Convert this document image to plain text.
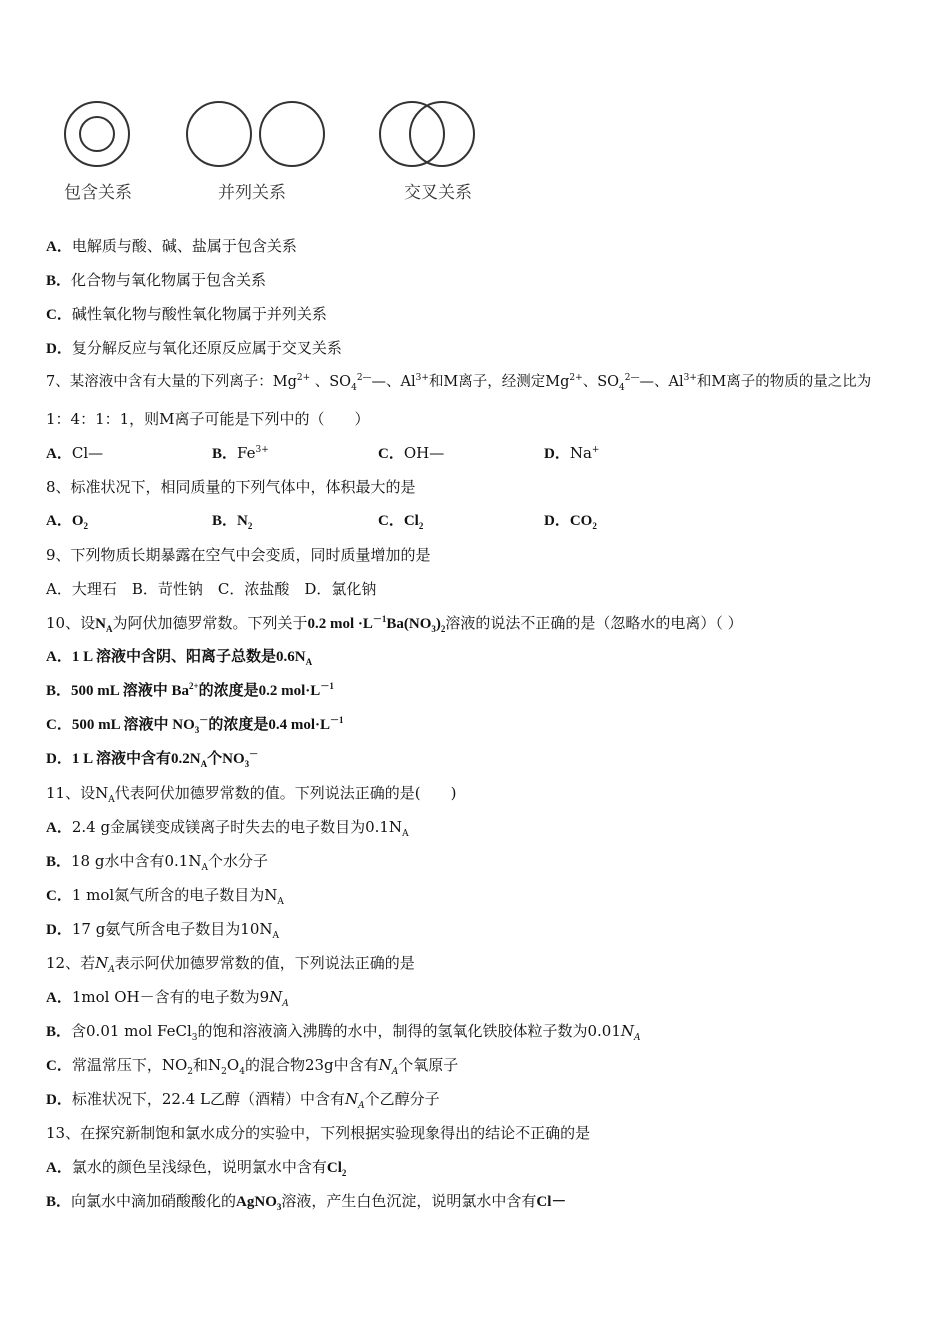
包含关系	并列关系	交叉关系
A．电解质与酸、碱、盐属于包含关系
B．化合物与氧化物属于包含关系
C．碱性氧化物与酸性氧化物属于并列关系
D．复分解反应与氧化还原反应属于交叉关系
7、某溶液中含有大量的下列离子：$Mg^{2+}$ 、$SO_4^{2—}—$、$Al^{3+}$和M离子，经测定$Mg^{2+}$、$SO_4^{2—}—$、$Al^{3+}$和M离子的物质的量之比为
1：4：1：1，则M离子可能是下列中的（　　）
A．Cl—	B．$Fe^{3+}$	C．OH—	D．Na+
8、标准状况下，相同质量的下列气体中，体积最大的是
A．$O_2$	B．$N_2$	C．$Cl_2$	D．$CO_2$
9、下列物质长期暴露在空气中会变质，同时质量增加的是
A．大理石　B．苛性钠　C．浓盐酸　D．氯化钠
10、设$N_A$为阿伏加德罗常数。下列关于0.2 mol $\cdot L^{-1}Ba(NO_3)_2$溶液的说法不正确的是（忽略水的电离）（ ）
A．1 L 溶液中含阴、阳离子总数是$0.6N_A$
B．500 mL 溶液中 $Ba^{2+}$的浓度是0.2 $mol\cdot L^{-1}$
C．500 mL 溶液中 $NO_3^-$的浓度是0.4 $mol\cdot L^{-1}$
D．1 L 溶液中含有$0.2N_A$个$NO_3^-$
11、设$N_A$代表阿伏加德罗常数的值。下列说法正确的是(　　)
A．2.4 g金属镁变成镁离子时失去的电子数目为$0.1N_A$
B．18 g水中含有$0.1N_A$个水分子
C．1 mol氮气所含的电子数目为$N_A$
D．17 g氨气所含电子数目为$10N_A$
12、若$N_A$表示阿伏加德罗常数的值，下列说法正确的是
A．1mol OH－含有的电子数为$9N_A$
B．含0.01 mol FeCl$_3$的饱和溶液滴入沸腾的水中，制得的氢氧化铁胶体粒子数为$0.01N_A$
C．常温常压下，$NO_2$和$N_2O_4$的混合物23g中含有$N_A$个氧原子
D．标准状况下，22.4 L乙醇（酒精）中含有$N_A$个乙醇分子
13、在探究新制饱和氯水成分的实验中，下列根据实验现象得出的结论不正确的是
A．氯水的颜色呈浅绿色，说明氯水中含有$Cl_2$
B．向氯水中滴加硝酸酸化的AgNO$_3$溶液，产生白色沉淀，说明氯水中含有Cl－
